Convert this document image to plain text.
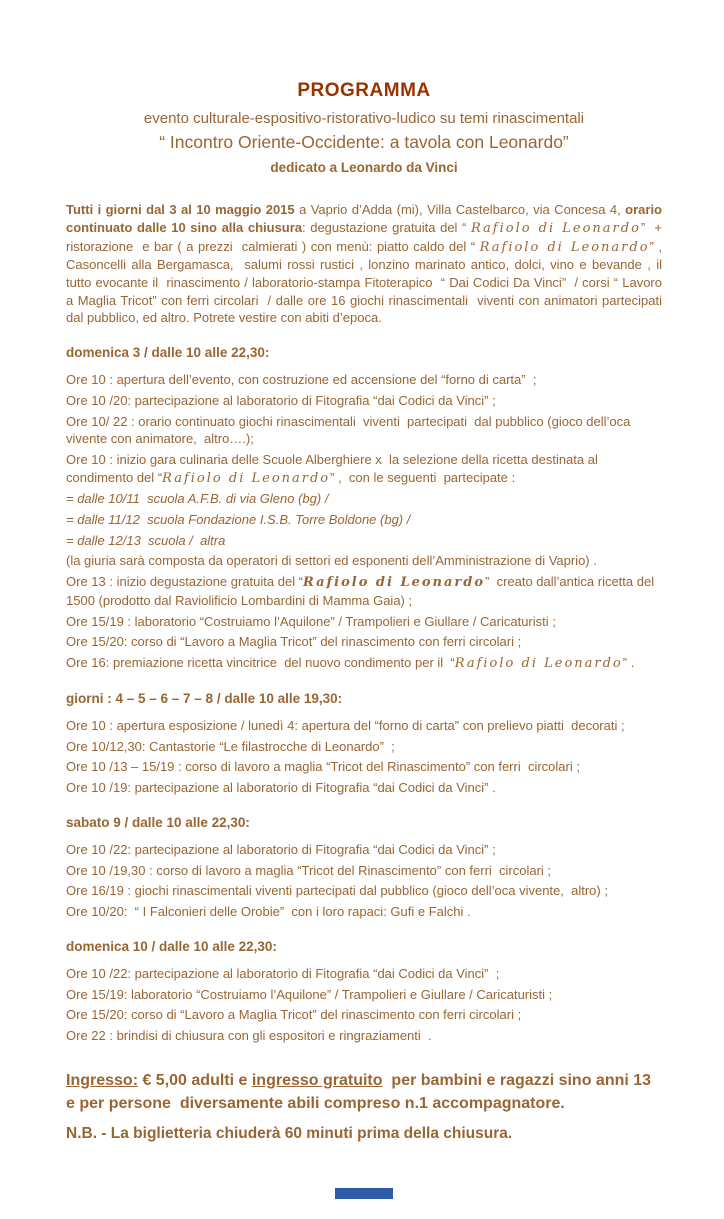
PROGRAMMA
evento culturale-espositivo-ristorativo-ludico su temi rinascimentali
“ Incontro Oriente-Occidente: a tavola con Leonardo”
dedicato a Leonardo da Vinci

Tutti i giorni dal 3 al 10 maggio 2015 a Vaprio d’Adda (mi), Villa Castelbarco, via Concesa 4, orario continuato dalle 10 sino alla chiusura: degustazione gratuita del “ Rafiolo di Leonardo”  +  ristorazione  e bar ( a prezzi  calmierati ) con menù: piatto caldo del “ Rafiolo di Leonardo” , Casoncelli alla Bergamasca,  salumi rossi rustici , lonzino marinato antico, dolci, vino e bevande , il tutto evocante il  rinascimento / laboratorio-stampa Fitoterapico  “ Dai Codici Da Vinci”  / corsi “ Lavoro a Maglia Tricot” con ferri circolari  / dalle ore 16 giochi rinascimentali  viventi con animatori partecipati dal pubblico, ed altro. Potrete vestire con abiti d’epoca.

domenica 3 / dalle 10 alle 22,30:

Ore 10 : apertura dell’evento, con costruzione ed accensione del “forno di carta”  ;

Ore 10 /20: partecipazione al laboratorio di Fitografia “dai Codici da Vinci” ;

Ore 10/ 22 : orario continuato giochi rinascimentali  viventi  partecipati  dal pubblico (gioco dell’oca vivente con animatore,  altro….);

Ore 10 : inizio gara culinaria delle Scuole Alberghiere x  la selezione della ricetta destinata al condimento del “Rafiolo di Leonardo” ,  con le seguenti  partecipate :

= dalle 10/11  scuola A.F.B. di via Gleno (bg) /

= dalle 11/12  scuola Fondazione I.S.B. Torre Boldone (bg) /

= dalle 12/13  scuola /  altra

(la giuria sarà composta da operatori di settori ed esponenti dell’Amministrazione di Vaprio) .

Ore 13 : inizio degustazione gratuita del “Rafiolo di Leonardo”  creato dall’antica ricetta del 1500 (prodotto dal Raviolificio Lombardini di Mamma Gaia) ;

Ore 15/19 : laboratorio “Costruiamo l’Aquilone” / Trampolieri e Giullare / Caricaturisti ;

Ore 15/20: corso di “Lavoro a Maglia Tricot” del rinascimento con ferri circolari ;

Ore 16: premiazione ricetta vincitrice  del nuovo condimento per il  “Rafiolo di Leonardo” .

giorni : 4 – 5 – 6 – 7 – 8 / dalle 10 alle 19,30:

Ore 10 : apertura esposizione / lunedì 4: apertura del “forno di carta” con prelievo piatti  decorati ;

Ore 10/12,30: Cantastorie “Le filastrocche di Leonardo”  ;

Ore 10 /13 – 15/19 : corso di lavoro a maglia “Tricot del Rinascimento” con ferri  circolari ;

Ore 10 /19: partecipazione al laboratorio di Fitografia “dai Codici da Vinci” .

sabato 9 / dalle 10 alle 22,30:

Ore 10 /22: partecipazione al laboratorio di Fitografia “dai Codici da Vinci” ;

Ore 10 /19,30 : corso di lavoro a maglia “Tricot del Rinascimento” con ferri  circolari ;

Ore 16/19 : giochi rinascimentali viventi partecipati dal pubblico (gioco dell’oca vivente,  altro) ;

Ore 10/20:  “ I Falconieri delle Orobie”  con i loro rapaci: Gufi e Falchi .

domenica 10 / dalle 10 alle 22,30:

Ore 10 /22: partecipazione al laboratorio di Fitografia “dai Codici da Vinci”  ;

Ore 15/19: laboratorio “Costruiamo l’Aquilone” / Trampolieri e Giullare / Caricaturisti ;

Ore 15/20: corso di “Lavoro a Maglia Tricot” del rinascimento con ferri circolari ;

Ore 22 : brindisi di chiusura con gli espositori e ringraziamenti  .

Ingresso: € 5,00 adulti e ingresso gratuito  per bambini e ragazzi sino anni 13 e per persone  diversamente abili compreso n.1 accompagnatore.

N.B. - La biglietteria chiuderà 60 minuti prima della chiusura.
